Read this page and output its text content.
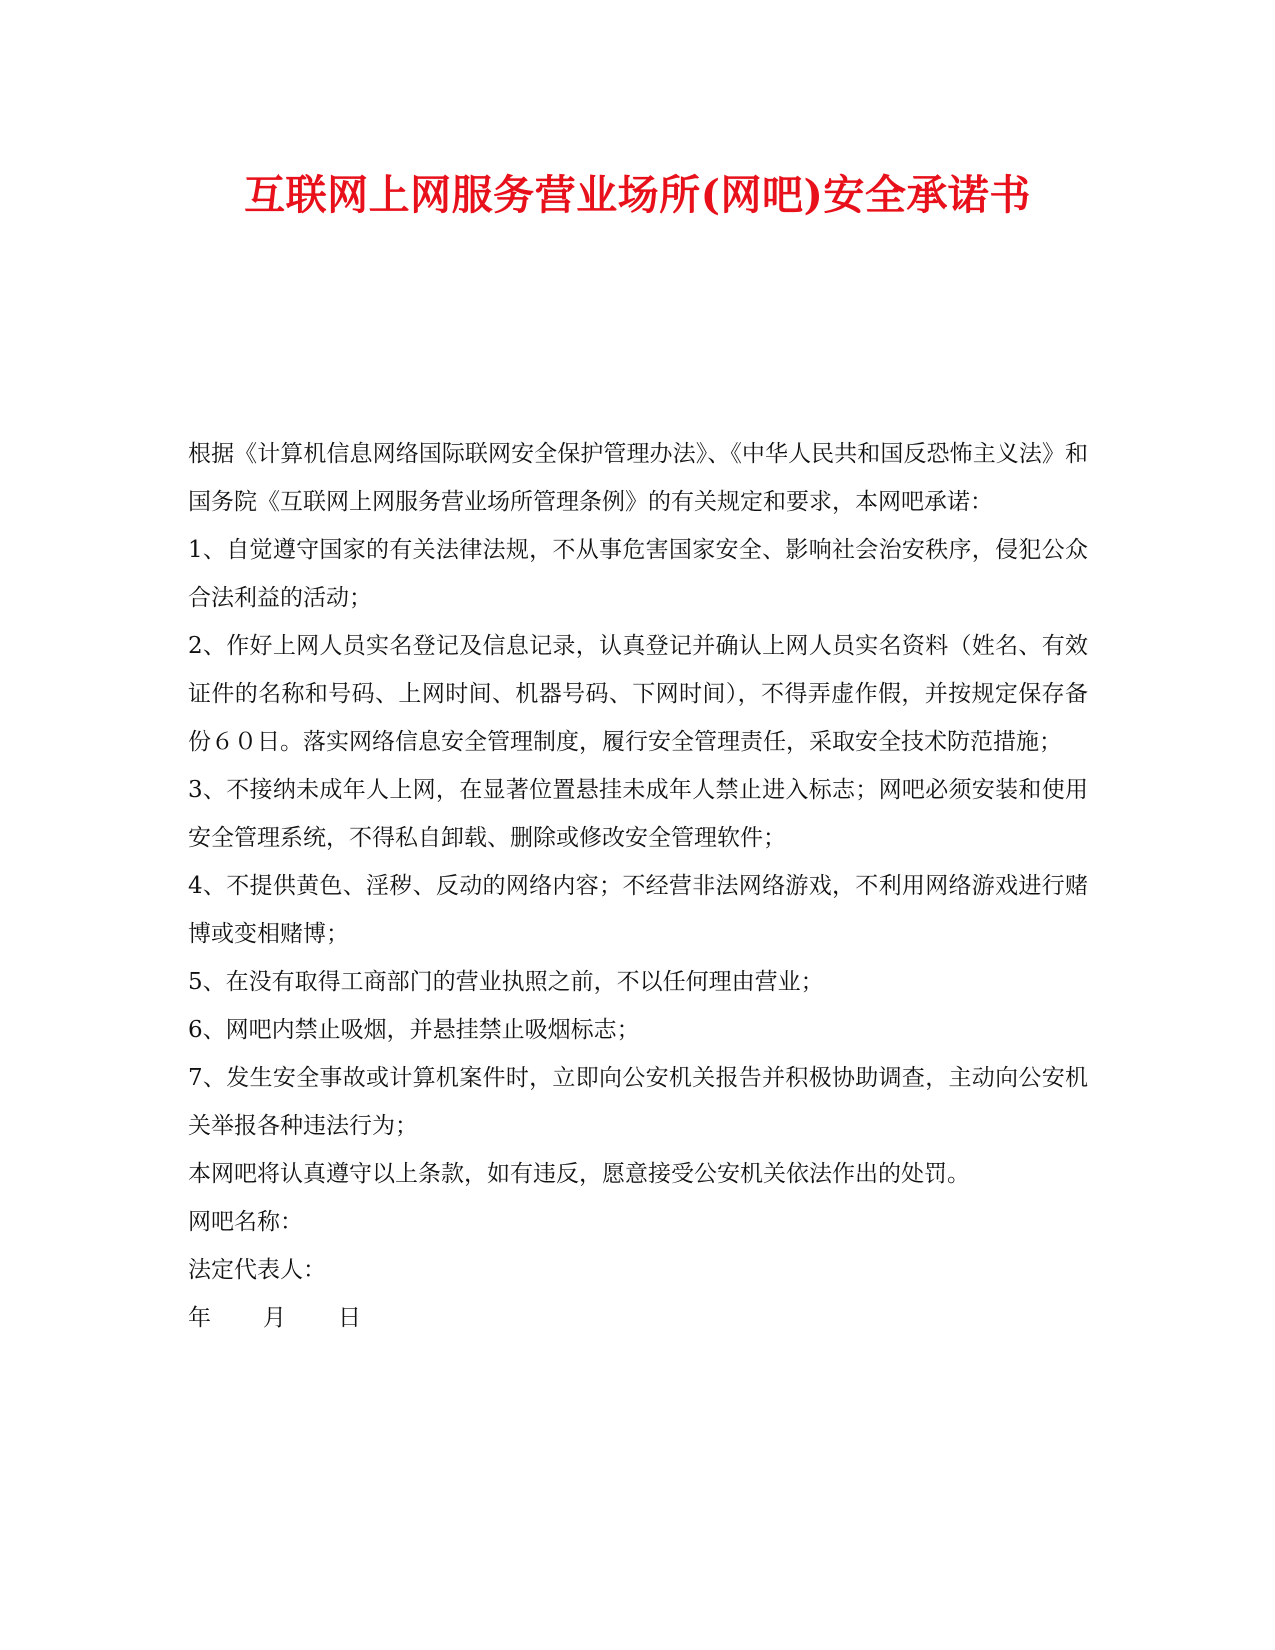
互联网上网服务营业场所(网吧)安全承诺书

根据《计算机信息网络国际联网安全保护管理办法》、《中华人民共和国反恐怖主义法》和国务院《互联网上网服务营业场所管理条例》的有关规定和要求，本网吧承诺：

1、自觉遵守国家的有关法律法规，不从事危害国家安全、影响社会治安秩序，侵犯公众合法利益的活动；

2、作好上网人员实名登记及信息记录，认真登记并确认上网人员实名资料（姓名、有效证件的名称和号码、上网时间、机器号码、下网时间），不得弄虚作假，并按规定保存备份６０日。落实网络信息安全管理制度，履行安全管理责任，采取安全技术防范措施；

3、不接纳未成年人上网，在显著位置悬挂未成年人禁止进入标志；网吧必须安装和使用安全管理系统，不得私自卸载、删除或修改安全管理软件；

4、不提供黄色、淫秽、反动的网络内容；不经营非法网络游戏，不利用网络游戏进行赌博或变相赌博；

5、在没有取得工商部门的营业执照之前，不以任何理由营业；

6、网吧内禁止吸烟，并悬挂禁止吸烟标志；

7、发生安全事故或计算机案件时，立即向公安机关报告并积极协助调查，主动向公安机关举报各种违法行为；

本网吧将认真遵守以上条款，如有违反，愿意接受公安机关依法作出的处罚。

网吧名称：

法定代表人：

年 月 日
